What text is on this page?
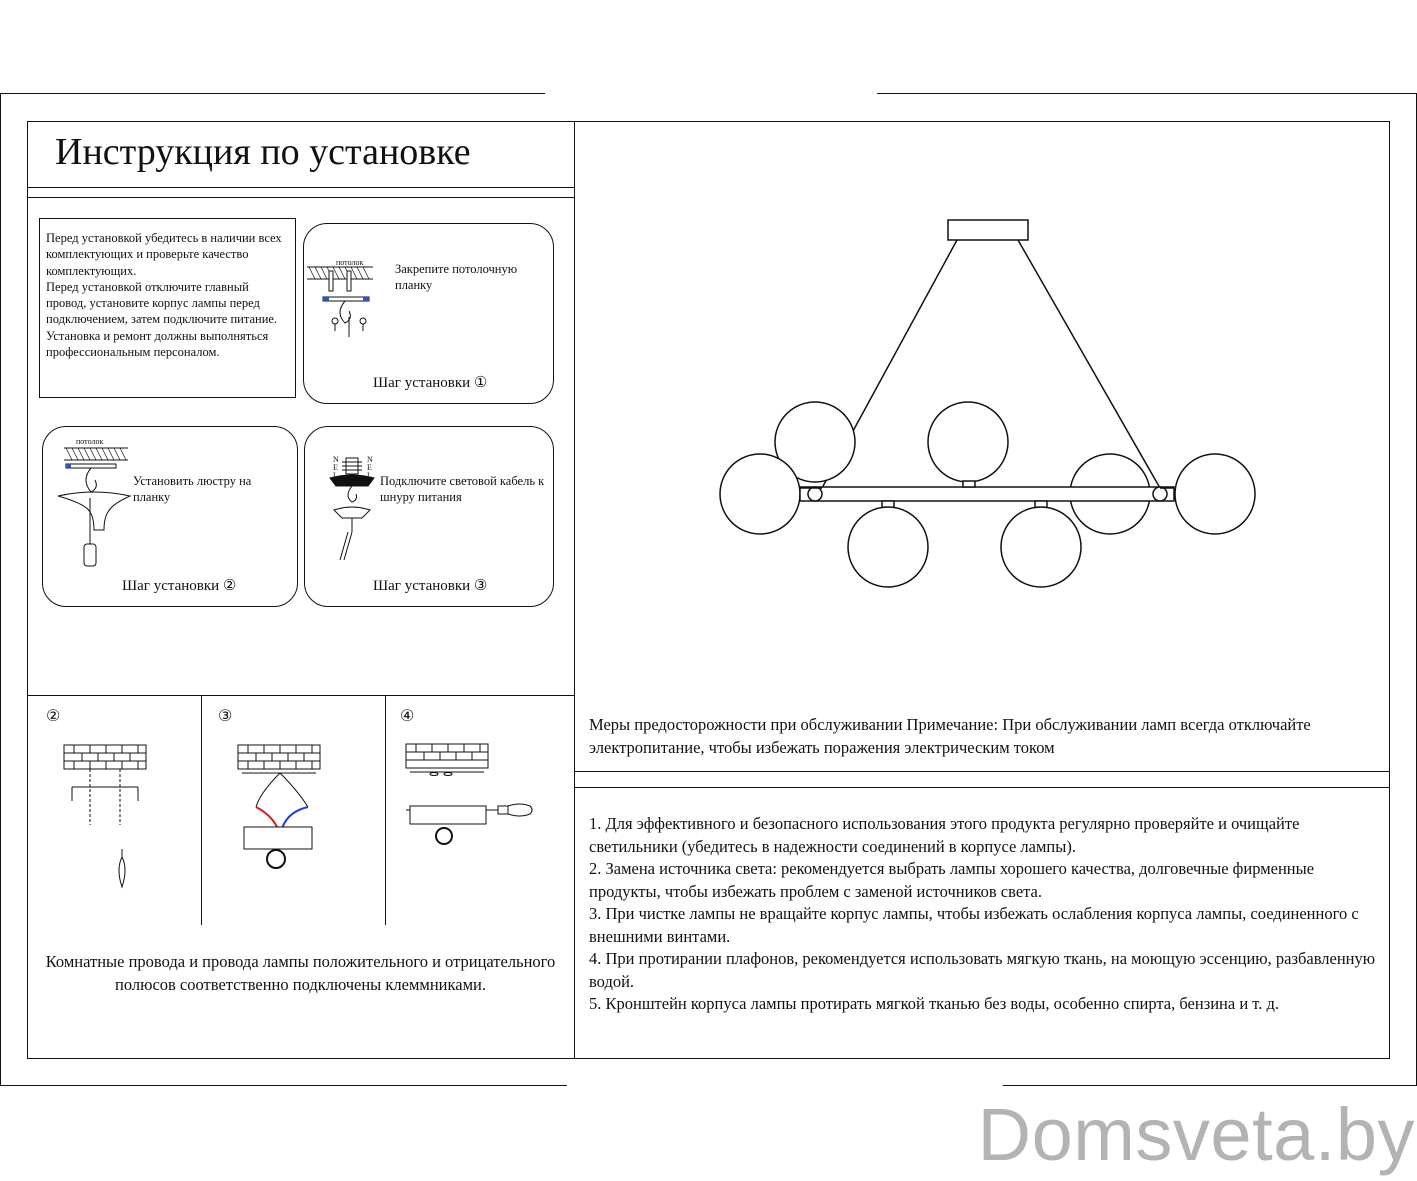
Инструкция по установке

Перед установкой убедитесь в наличии всех комплектующих и проверьте качество комплектующих.

Перед установкой отключите главный провод, установите корпус лампы перед подключением, затем подключите питание.

Установка и ремонт должны выполняться профессиональным персоналом.

потолок	Закрепите потолочную планку
Шаг установки ①
потолок
Установить люстру на планку
Шаг установки ②
N
E
L
N
E
L Подключите световой кабель к шнуру питания
Шаг установки ③
②	③	④
Комнатные провода и провода лампы положительного и отрицательного полюсов соответственно подключены клеммниками.
Меры предосторожности при обслуживании Примечание: При обслуживании ламп всегда отключайте электропитание, чтобы избежать поражения электрическим током

1. Для эффективного и безопасного использования этого продукта регулярно проверяйте и очищайте светильники (убедитесь в надежности соединений в корпусе лампы).

2. Замена источника света: рекомендуется выбрать лампы хорошего качества, долговечные фирменные продукты, чтобы избежать проблем с заменой источников света.

3. При чистке лампы не вращайте корпус лампы, чтобы избежать ослабления корпуса лампы, соединенного с внешними винтами.

4. При протирании плафонов, рекомендуется использовать мягкую ткань, на моющую эссенцию, разбавленную водой.

5. Кронштейн корпуса лампы протирать мягкой тканью без воды, особенно спирта, бензина и т. д.

Domsveta.by
